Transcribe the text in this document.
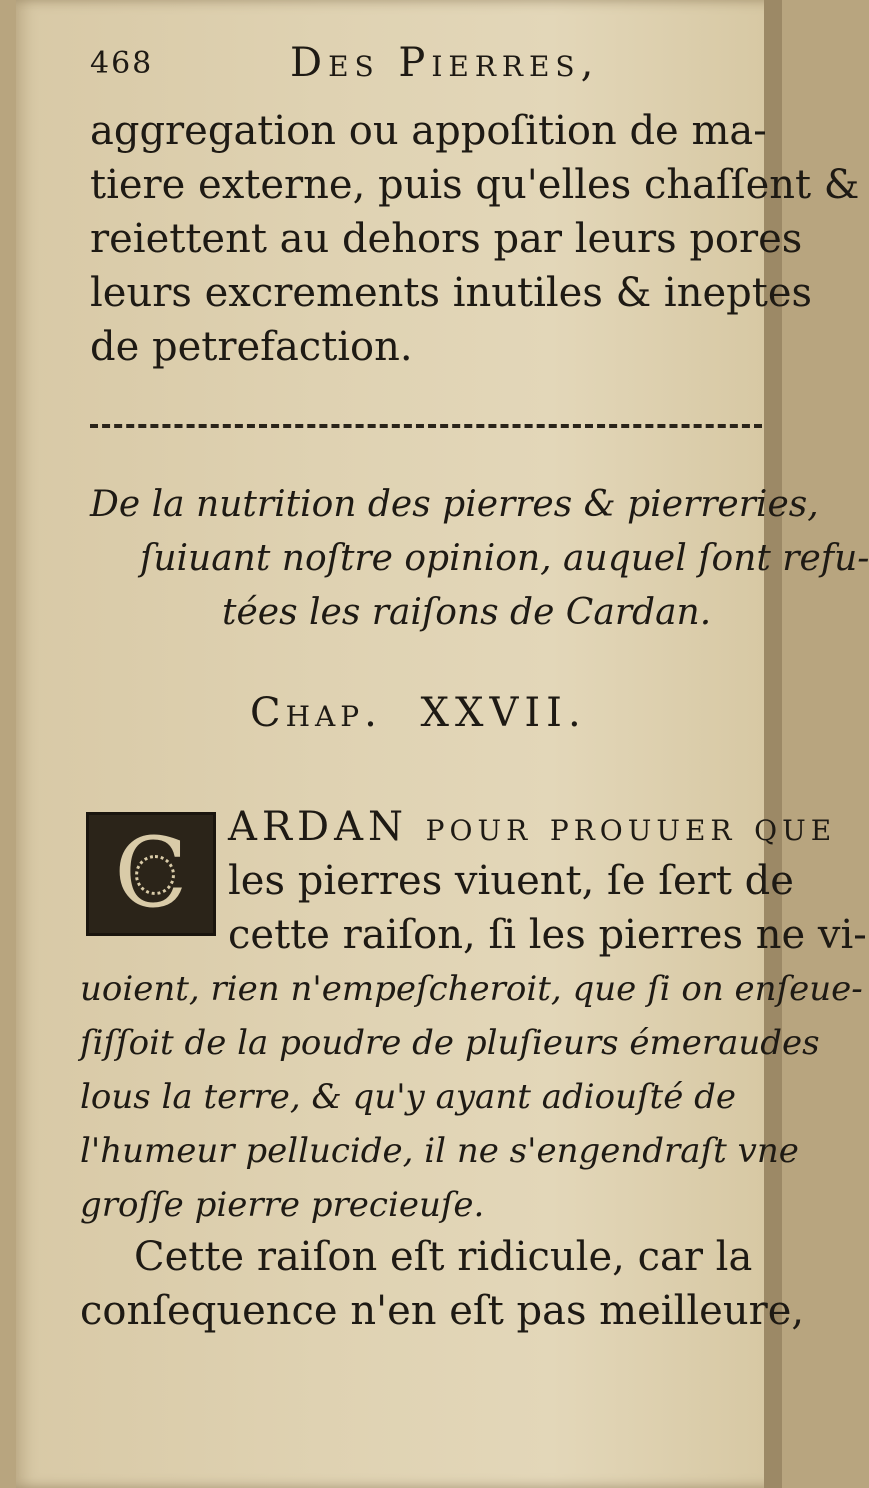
468	Des Pierres,
aggregation ou appoſition de ma-
tiere externe, puis qu'elles chaſſent &
reiettent au dehors par leurs pores
leurs excrements inutiles & ineptes
de petrefaction.
De la nutrition des pierres & pierreries,
ſuiuant noſtre opinion, auquel ſont refu-
tées les raiſons de Cardan.
Chap. XXVII.
C ARDAN pour prouuer que
les pierres viuent, ſe ſert de
cette raiſon, ſi les pierres ne vi-
uoient, rien n'empeſcheroit, que ſi on enſeue-
ſiſſoit de la poudre de pluſieurs émeraudes
lous la terre, & qu'y ayant adiouſté de
l'humeur pellucide, il ne s'engendraſt vne
groſſe pierre precieuſe.
Cette raiſon eſt ridicule, car la
conſequence n'en eſt pas meilleure,
